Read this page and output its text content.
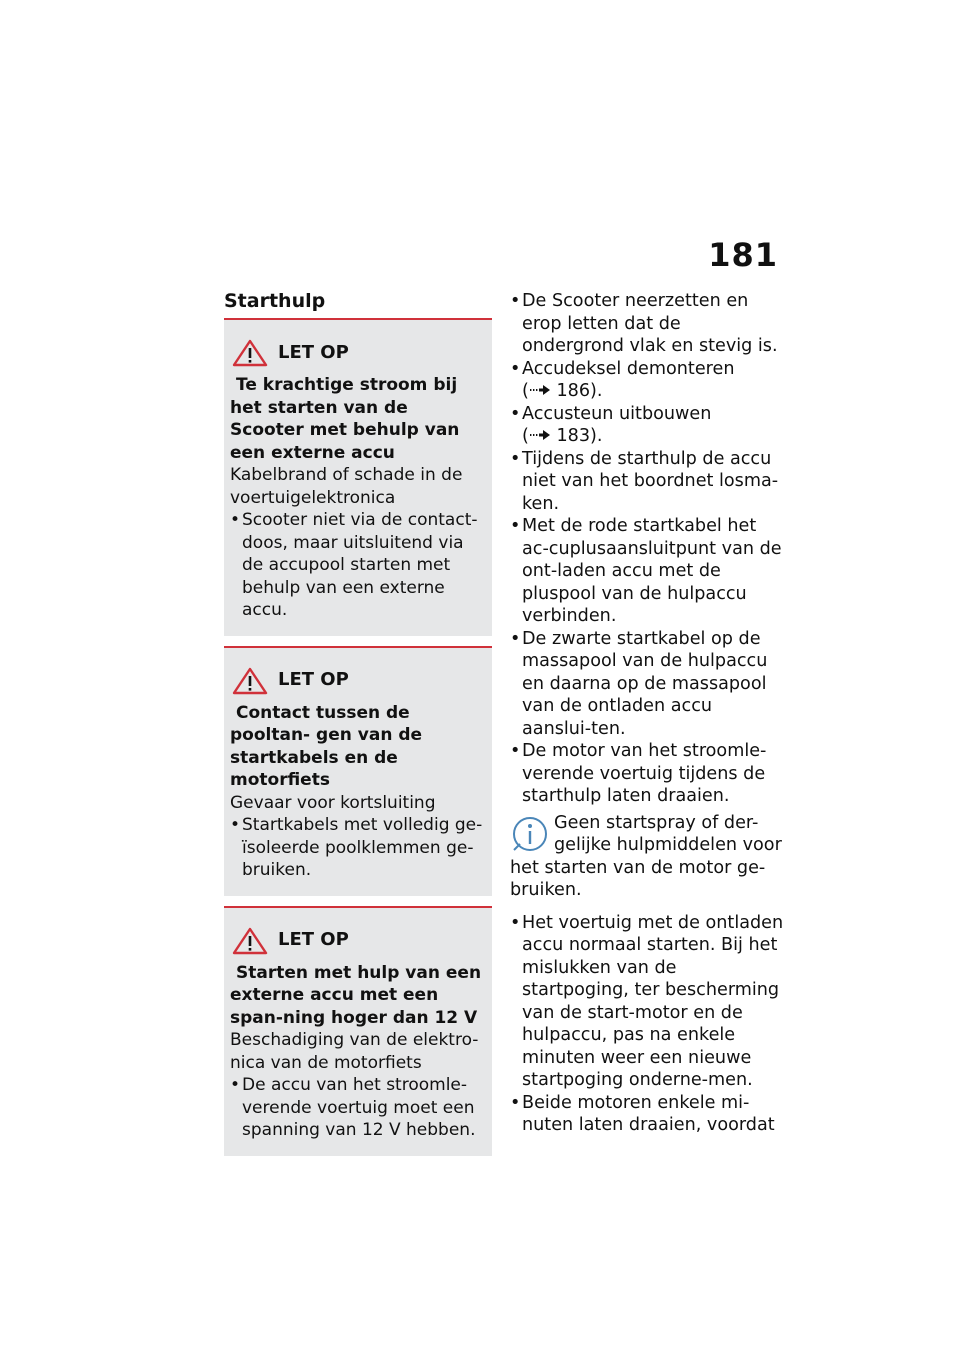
181
Starthulp
LET OP
Te krachtige stroom bij het starten van de Scooter met behulp van een externe accu
Kabelbrand of schade in de voertuigelektronica
• Scooter niet via de contact-doos, maar uitsluitend via de accupool starten met behulp van een externe accu.
LET OP
Contact tussen de pooltan- gen van de startkabels en de motorfiets
Gevaar voor kortsluiting
• Startkabels met volledig ge-ïsoleerde poolklemmen ge-bruiken.
LET OP
Starten met hulp van een externe accu met een span-ning hoger dan 12 V
Beschadiging van de elektro-nica van de motorfiets
• De accu van het stroomle-verende voertuig moet een spanning van 12 V hebben.
• De Scooter neerzetten en erop letten dat de ondergrond vlak en stevig is.
• Accudeksel demonteren
( 186).
• Accusteun uitbouwen
( 183).
• Tijdens de starthulp de accu niet van het boordnet losma-ken.
• Met de rode startkabel het ac-cuplusaansluitpunt van de ont-laden accu met de pluspool van de hulpaccu verbinden.
• De zwarte startkabel op de massapool van de hulpaccu en daarna op de massapool van de ontladen accu aanslui-ten.
• De motor van het stroomle-verende voertuig tijdens de starthulp laten draaien.
Geen startspray of der-gelijke hulpmiddelen voor het starten van de motor ge-bruiken.
• Het voertuig met de ontladen accu normaal starten. Bij het mislukken van de startpoging, ter bescherming van de start-motor en de hulpaccu, pas na enkele minuten weer een nieuwe startpoging onderne-men.
• Beide motoren enkele mi-nuten laten draaien, voordat
